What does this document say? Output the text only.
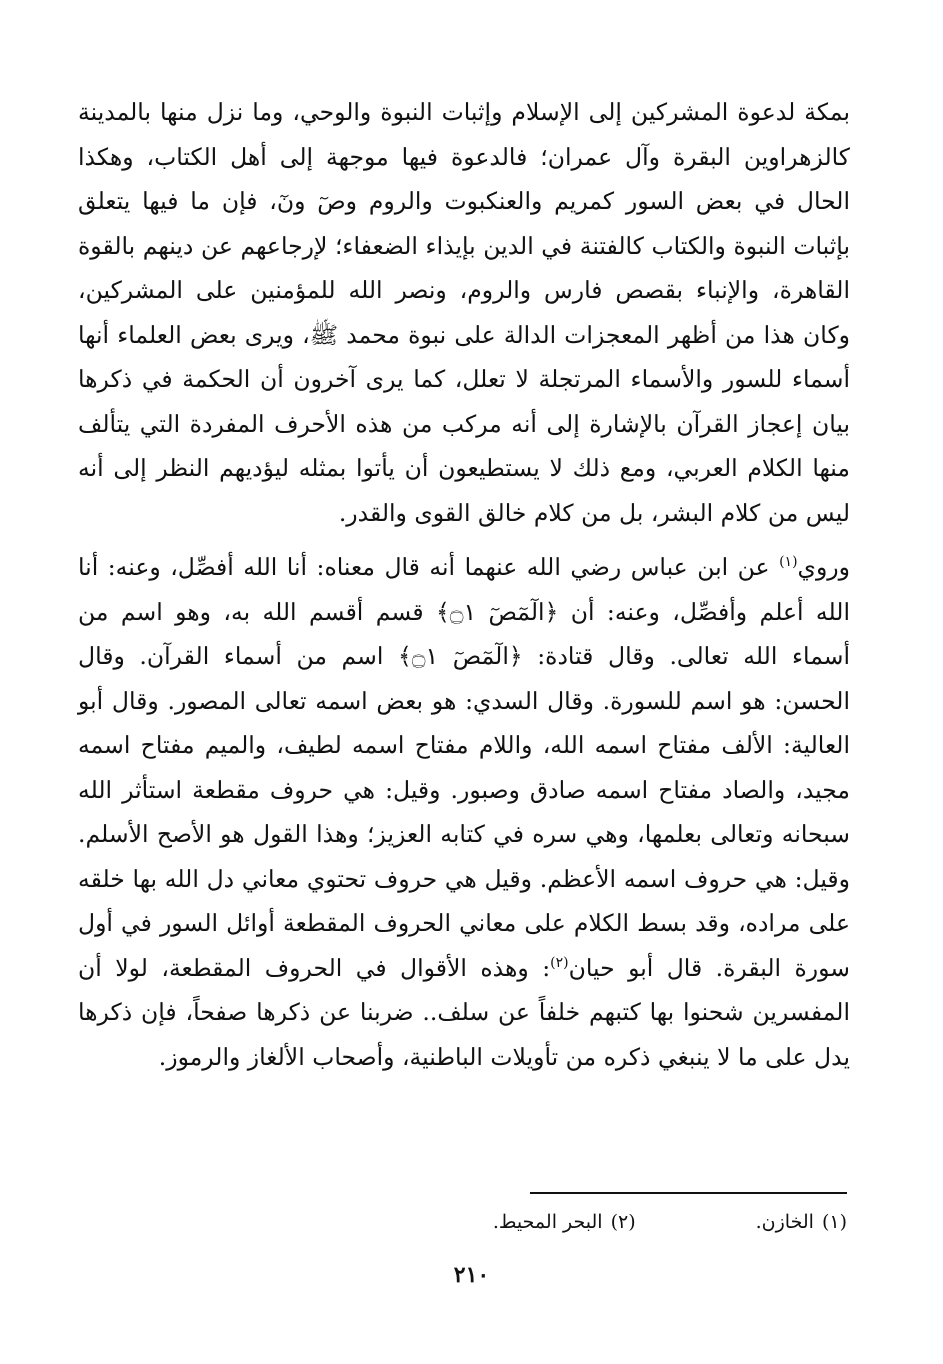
بمكة لدعوة المشركين إلى الإسلام وإثبات النبوة والوحي، وما نزل منها بالمدينة كالزهراوين البقرة وآل عمران؛ فالدعوة فيها موجهة إلى أهل الكتاب، وهكذا الحال في بعض السور كمريم والعنكبوت والروم وصٓ ونٓ، فإن ما فيها يتعلق بإثبات النبوة والكتاب كالفتنة في الدين بإيذاء الضعفاء؛ لإرجاعهم عن دينهم بالقوة القاهرة، والإنباء بقصص فارس والروم، ونصر الله للمؤمنين على المشركين، وكان هذا من أظهر المعجزات الدالة على نبوة محمد ﷺ، ويرى بعض العلماء أنها أسماء للسور والأسماء المرتجلة لا تعلل، كما يرى آخرون أن الحكمة في ذكرها بيان إعجاز القرآن بالإشارة إلى أنه مركب من هذه الأحرف المفردة التي يتألف منها الكلام العربي، ومع ذلك لا يستطيعون أن يأتوا بمثله ليؤديهم النظر إلى أنه ليس من كلام البشر، بل من كلام خالق القوى والقدر.

وروي$^{(١)}$ عن ابن عباس رضي الله عنهما أنه قال معناه: أنا الله أفصِّل، وعنه: أنا الله أعلم وأفصِّل، وعنه: أن ﴿الٓمٓصٓ ۝١﴾ قسم أقسم الله به، وهو اسم من أسماء الله تعالى. وقال قتادة: ﴿الٓمٓصٓ ۝١﴾ اسم من أسماء القرآن. وقال الحسن: هو اسم للسورة. وقال السدي: هو بعض اسمه تعالى المصور. وقال أبو العالية: الألف مفتاح اسمه الله، واللام مفتاح اسمه لطيف، والميم مفتاح اسمه مجيد، والصاد مفتاح اسمه صادق وصبور. وقيل: هي حروف مقطعة استأثر الله سبحانه وتعالى بعلمها، وهي سره في كتابه العزيز؛ وهذا القول هو الأصح الأسلم. وقيل: هي حروف اسمه الأعظم. وقيل هي حروف تحتوي معاني دل الله بها خلقه على مراده، وقد بسط الكلام على معاني الحروف المقطعة أوائل السور في أول سورة البقرة. قال أبو حيان$^{(٢)}$: وهذه الأقوال في الحروف المقطعة، لولا أن المفسرين شحنوا بها كتبهم خلفاً عن سلف.. ضربنا عن ذكرها صفحاً، فإن ذكرها يدل على ما لا ينبغي ذكره من تأويلات الباطنية، وأصحاب الألغاز والرموز.

(١)الخازن.
(٢)البحر المحيط.
٢١٠
